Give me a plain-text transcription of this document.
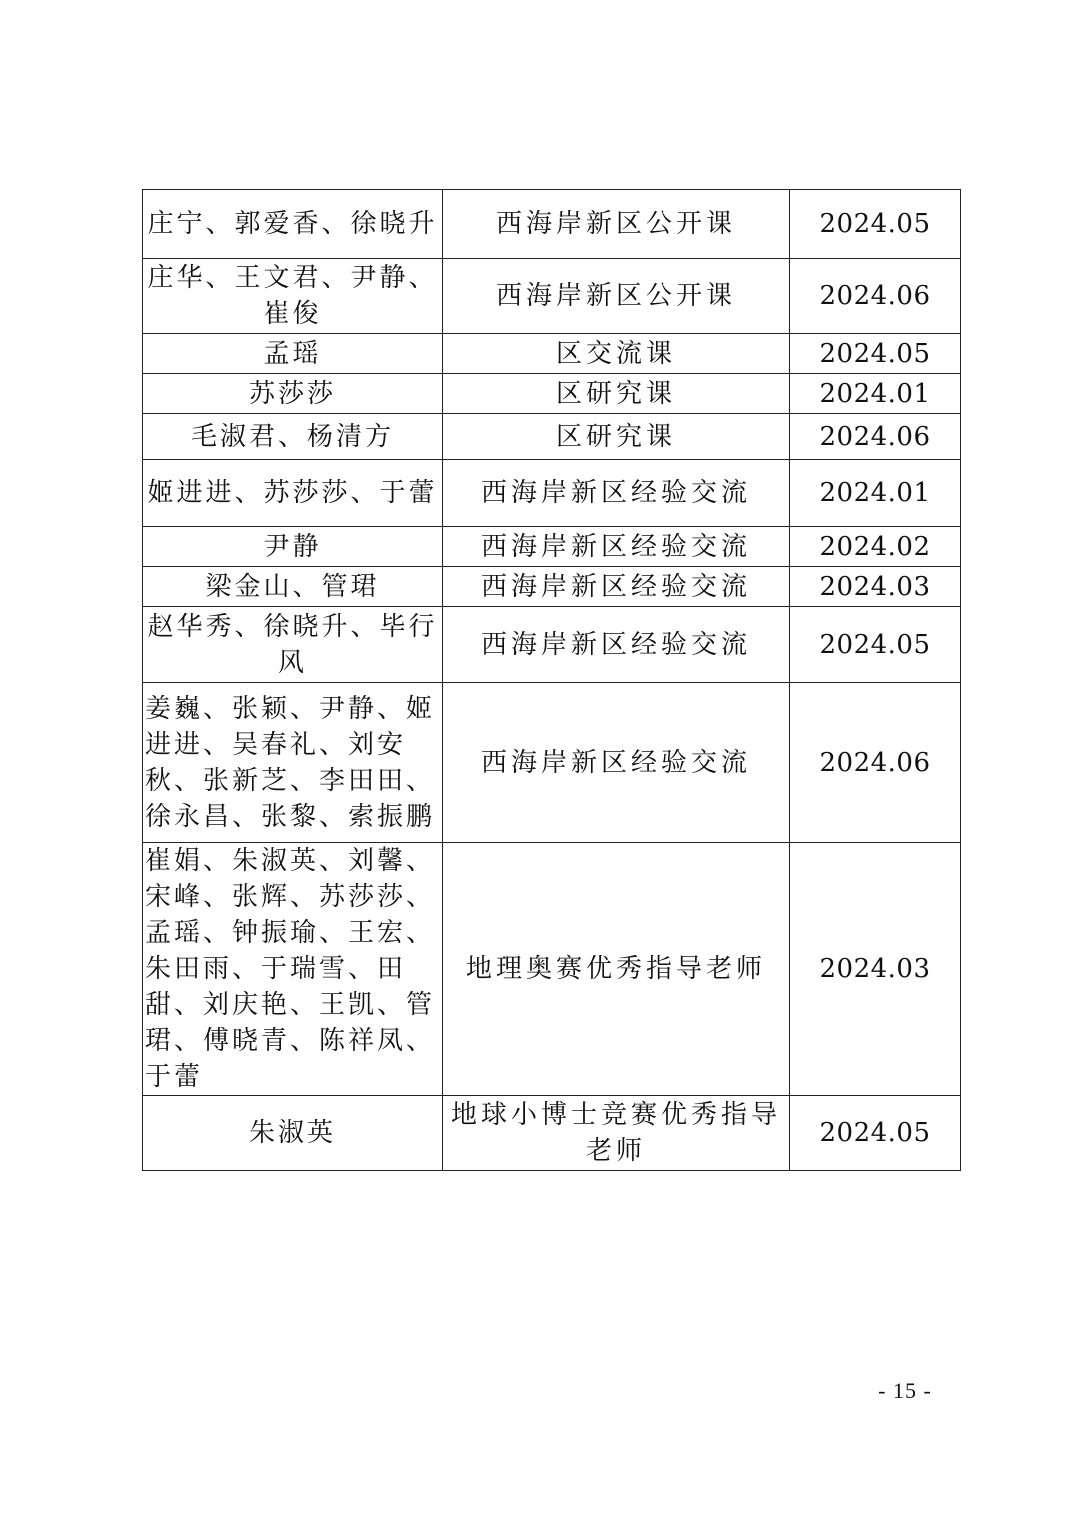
庄宁、郭爱香、徐晓升	西海岸新区公开课	2024.05
庄华、王文君、尹静、崔俊	西海岸新区公开课	2024.06
孟瑶	区交流课	2024.05
苏莎莎	区研究课	2024.01
毛淑君、杨清方	区研究课	2024.06
姬进进、苏莎莎、于蕾	西海岸新区经验交流	2024.01
尹静	西海岸新区经验交流	2024.02
梁金山、管珺	西海岸新区经验交流	2024.03
赵华秀、徐晓升、毕行风	西海岸新区经验交流	2024.05
姜巍、张颖、尹静、姬进进、吴春礼、刘安秋、张新芝、李田田、徐永昌、张黎、索振鹏	西海岸新区经验交流	2024.06
崔娟、朱淑英、刘馨、宋峰、张辉、苏莎莎、孟瑶、钟振瑜、王宏、朱田雨、于瑞雪、田甜、刘庆艳、王凯、管珺、傅晓青、陈祥凤、于蕾	地理奥赛优秀指导老师	2024.03
朱淑英	地球小博士竞赛优秀指导老师	2024.05
- 15 -
